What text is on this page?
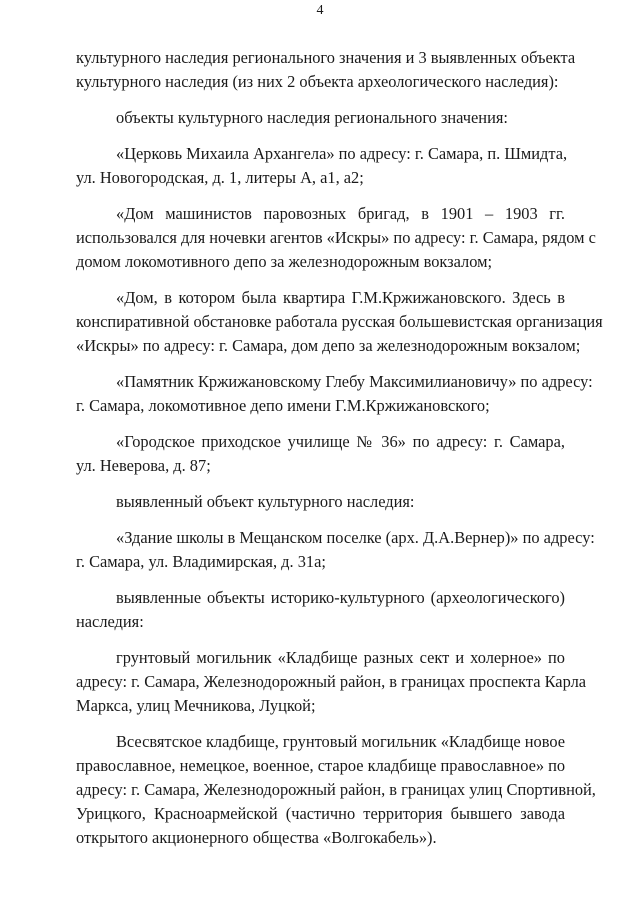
4
культурного наследия регионального значения и 3 выявленных объекта
культурного наследия (из них 2 объекта археологического наследия):
объекты культурного наследия регионального значения:
«Церковь Михаила Архангела» по адресу: г. Самара, п. Шмидта,
ул. Новогородская, д. 1, литеры А, а1, а2;
«Дом машинистов паровозных бригад, в 1901 – 1903 гг.
использовался для ночевки агентов «Искры» по адресу: г. Самара, рядом с
домом локомотивного депо за железнодорожным вокзалом;
«Дом, в котором была квартира Г.М.Кржижановского. Здесь в
конспиративной обстановке работала русская большевистская организация
«Искры» по адресу: г. Самара, дом депо за железнодорожным вокзалом;
«Памятник Кржижановскому Глебу Максимилиановичу» по адресу:
г. Самара, локомотивное депо имени Г.М.Кржижановского;
«Городское приходское училище № 36» по адресу: г. Самара,
ул. Неверова, д. 87;
выявленный объект культурного наследия:
«Здание школы в Мещанском поселке (арх. Д.А.Вернер)» по адресу:
г. Самара, ул. Владимирская, д. 31а;
выявленные объекты историко-культурного (археологического)
наследия:
грунтовый могильник «Кладбище разных сект и холерное» по
адресу: г. Самара, Железнодорожный район, в границах проспекта Карла
Маркса, улиц Мечникова, Луцкой;
Всесвятское кладбище, грунтовый могильник «Кладбище новое
православное, немецкое, военное, старое кладбище православное» по
адресу: г. Самара, Железнодорожный район, в границах улиц Спортивной,
Урицкого, Красноармейской (частично территория бывшего завода
открытого акционерного общества «Волгокабель»).
